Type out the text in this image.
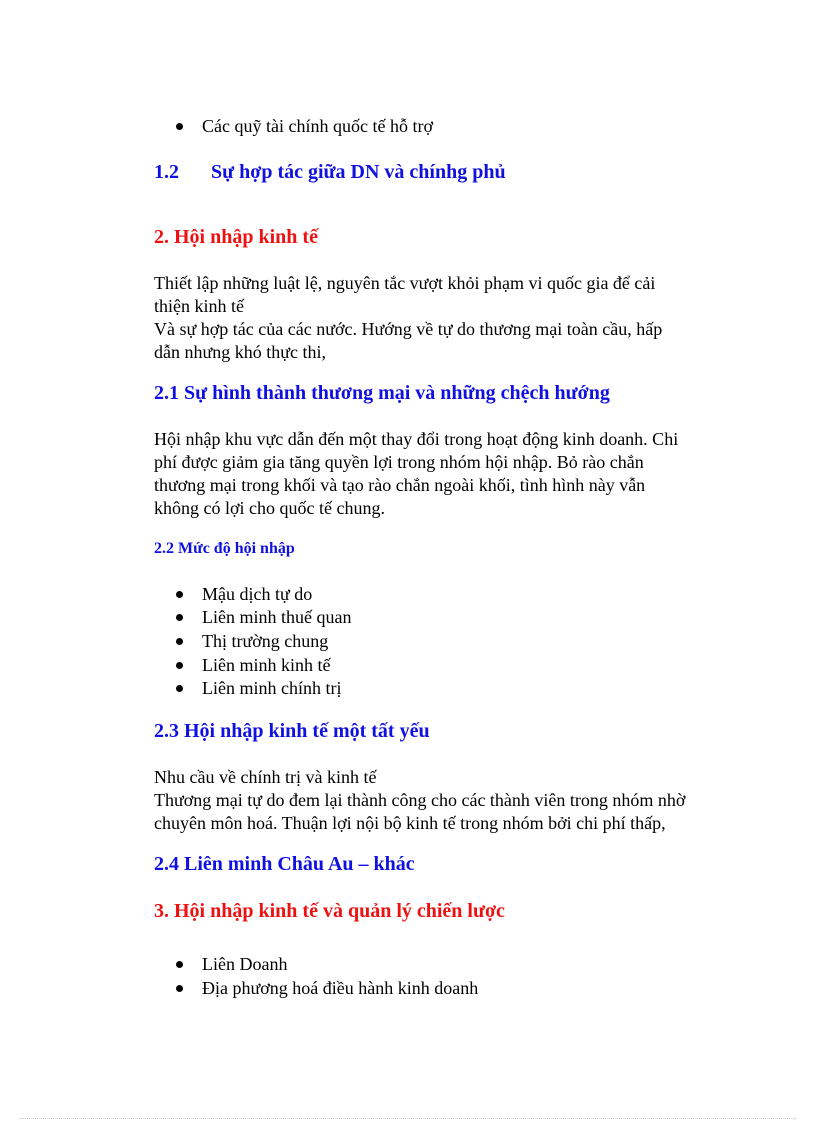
Các quỹ tài chính quốc tế hỗ trợ
1.2 Sự hợp tác giữa DN và chínhg phủ
2. Hội nhập kinh tế
Thiết lập những luật lệ, nguyên tắc vượt khỏi phạm vi quốc gia để cải
thiện kinh tế
Và sự hợp tác của các nước. Hướng về tự do thương mại toàn cầu, hấp
dẫn nhưng khó thực thi,
2.1 Sự hình thành thương mại và những chệch hướng
Hội nhập khu vực dẫn đến một thay đổi trong hoạt động kinh doanh. Chi
phí được giảm gia tăng quyền lợi trong nhóm hội nhập. Bỏ rào chắn
thương mại trong khối và tạo rào chắn ngoài khối, tình hình này vẫn
không có lợi cho quốc tế chung.
2.2 Mức độ hội nhập
Mậu dịch tự do
Liên minh thuế quan
Thị trường chung
Liên minh kinh tế
Liên minh chính trị
2.3 Hội nhập kinh tế một tất yếu
Nhu cầu về chính trị và kinh tế
Thương mại tự do đem lại thành công cho các thành viên trong nhóm nhờ
chuyên môn hoá. Thuận lợi nội bộ kinh tế trong nhóm bởi chi phí thấp,
2.4 Liên minh Châu Au – khác
3. Hội nhập kinh tế và quản lý chiến lược
Liên Doanh
Địa phương hoá điều hành kinh doanh
